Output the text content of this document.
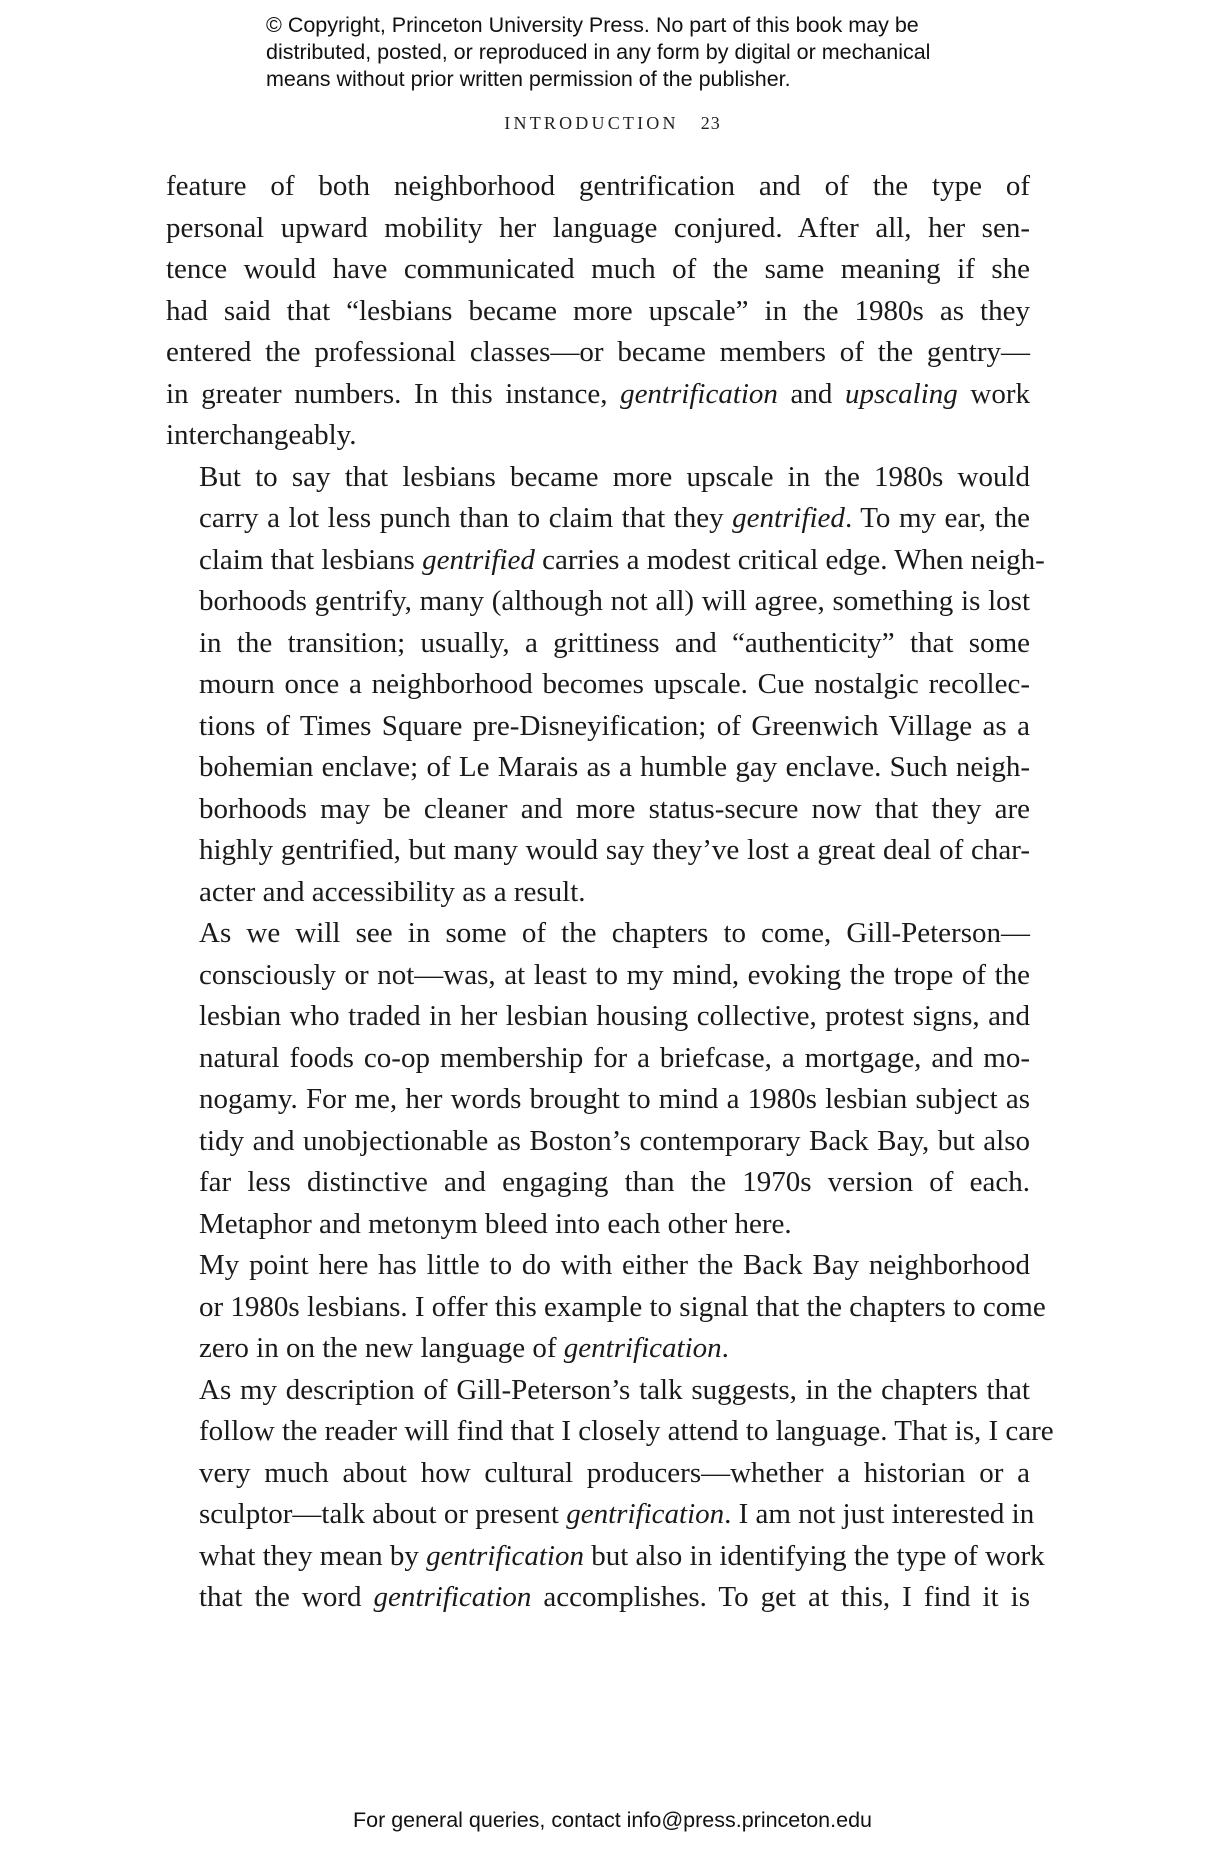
© Copyright, Princeton University Press. No part of this book may be
distributed, posted, or reproduced in any form by digital or mechanical
means without prior written permission of the publisher.
INTRODUCTION 23

feature of both neighborhood gentrification and of the type of
personal upward mobility her language conjured. After all, her sen-
tence would have communicated much of the same meaning if she
had said that “lesbians became more upscale” in the 1980s as they
entered the professional classes—or became members of the gentry—
in greater numbers. In this instance, gentrification and upscaling work
interchangeably.

But to say that lesbians became more upscale in the 1980s would
carry a lot less punch than to claim that they gentrified. To my ear, the
claim that lesbians gentrified carries a modest critical edge. When neigh-
borhoods gentrify, many (although not all) will agree, something is lost
in the transition; usually, a grittiness and “authenticity” that some
mourn once a neighborhood becomes upscale. Cue nostalgic recollec-
tions of Times Square pre-Disneyification; of Greenwich Village as a
bohemian enclave; of Le Marais as a humble gay enclave. Such neigh-
borhoods may be cleaner and more status-secure now that they are
highly gentrified, but many would say they’ve lost a great deal of char-
acter and accessibility as a result.

As we will see in some of the chapters to come, Gill-Peterson—
consciously or not—was, at least to my mind, evoking the trope of the
lesbian who traded in her lesbian housing collective, protest signs, and
natural foods co-op membership for a briefcase, a mortgage, and mo-
nogamy. For me, her words brought to mind a 1980s lesbian subject as
tidy and unobjectionable as Boston’s contemporary Back Bay, but also
far less distinctive and engaging than the 1970s version of each.
Metaphor and metonym bleed into each other here.

My point here has little to do with either the Back Bay neighborhood
or 1980s lesbians. I offer this example to signal that the chapters to come
zero in on the new language of gentrification.

As my description of Gill-Peterson’s talk suggests, in the chapters that
follow the reader will find that I closely attend to language. That is, I care
very much about how cultural producers—whether a historian or a
sculptor—talk about or present gentrification. I am not just interested in
what they mean by gentrification but also in identifying the type of work
that the word gentrification accomplishes. To get at this, I find it is

For general queries, contact info@press.princeton.edu
